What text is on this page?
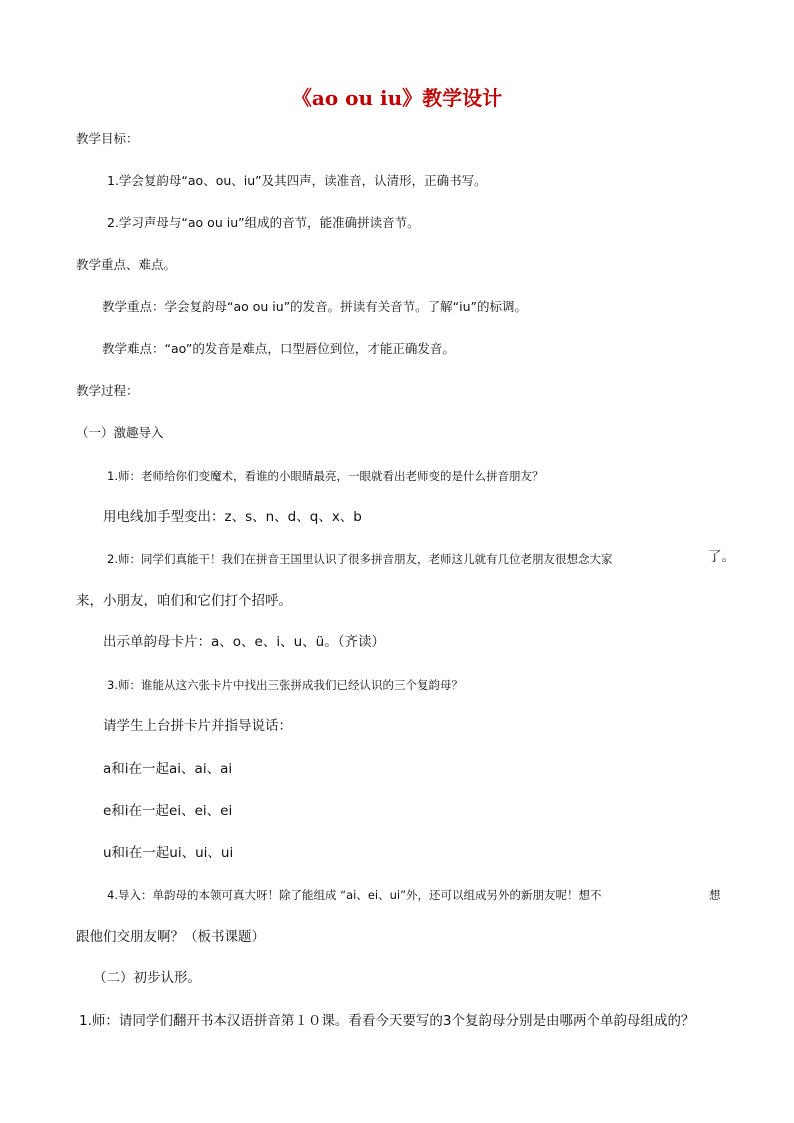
《ao ou iu》教学设计
教学目标：
1.学会复韵母“ao、ou、iu”及其四声，读准音，认清形，正确书写。
2.学习声母与“ao ou iu”组成的音节，能准确拼读音节。
教学重点、难点。
教学重点：学会复韵母“ao ou iu”的发音。拼读有关音节。了解“iu”的标调。
教学难点：“ao”的发音是难点，口型唇位到位，才能正确发音。
教学过程：
（一）激趣导入
1.师：老师给你们变魔术，看谁的小眼睛最亮，一眼就看出老师变的是什么拼音朋友？
用电线加手型变出：z、s、n、d、q、x、b
2.师：同学们真能干！我们在拼音王国里认识了很多拼音朋友，老师这儿就有几位老朋友很想念大家	了。
来，小朋友，咱们和它们打个招呼。
出示单韵母卡片：a、o、e、i、u、ü。（齐读）
3.师：谁能从这六张卡片中找出三张拼成我们已经认识的三个复韵母？
请学生上台拼卡片并指导说话：
a和i在一起ai、ai、ai
e和i在一起ei、ei、ei
u和i在一起ui、ui、ui
4.导入：单韵母的本领可真大呀！除了能组成 “ai、ei、ui”外，还可以组成另外的新朋友呢！想不	想
跟他们交朋友啊？（板书课题）
（二）初步认形。
1.师：请同学们翻开书本汉语拼音第１０课。看看今天要写的3个复韵母分别是由哪两个单韵母组成的？
